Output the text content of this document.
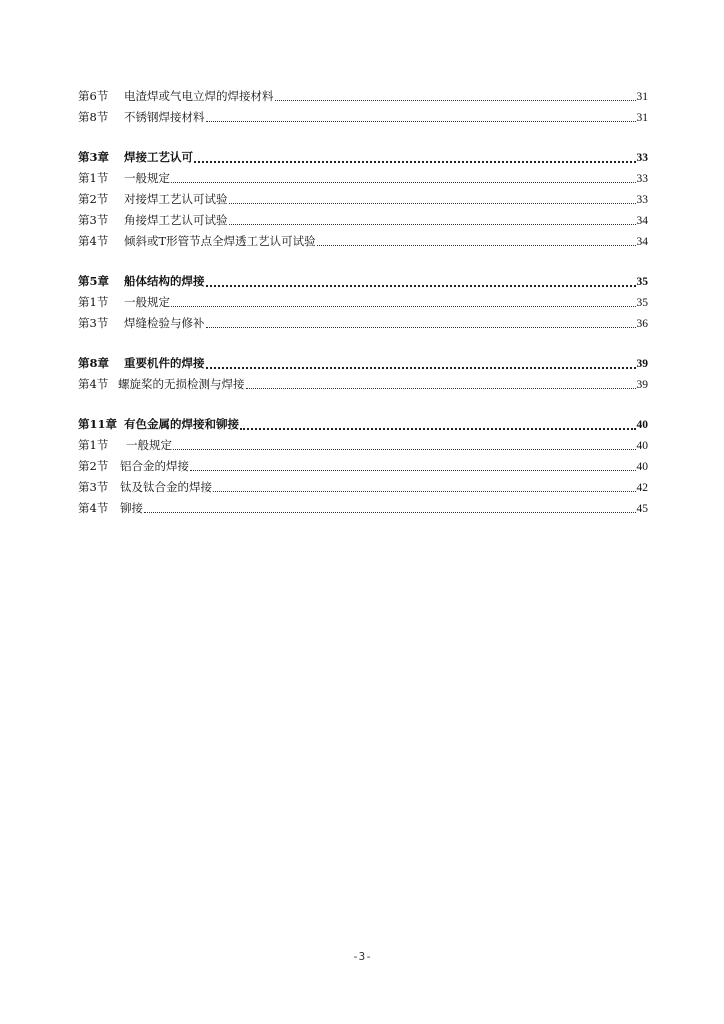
第6节	电渣焊或气电立焊的焊接材料	31
第8节	不锈钢焊接材料	31
第3章	焊接工艺认可	33
第1节	一般规定	33
第2节	对接焊工艺认可试验	33
第3节	角接焊工艺认可试验	34
第4节	倾斜或T形管节点全焊透工艺认可试验	34
第5章	船体结构的焊接	35
第1节	一般规定	35
第3节	焊缝检验与修补	36
第8章	重要机件的焊接	39
第4节 螺旋桨的无损检测与焊接	39
第11章 有色金属的焊接和铆接	40
第1节	一般规定	40
第2节	铝合金的焊接	40
第3节	钛及钛合金的焊接	42
第4节	铆接	45
-3-
